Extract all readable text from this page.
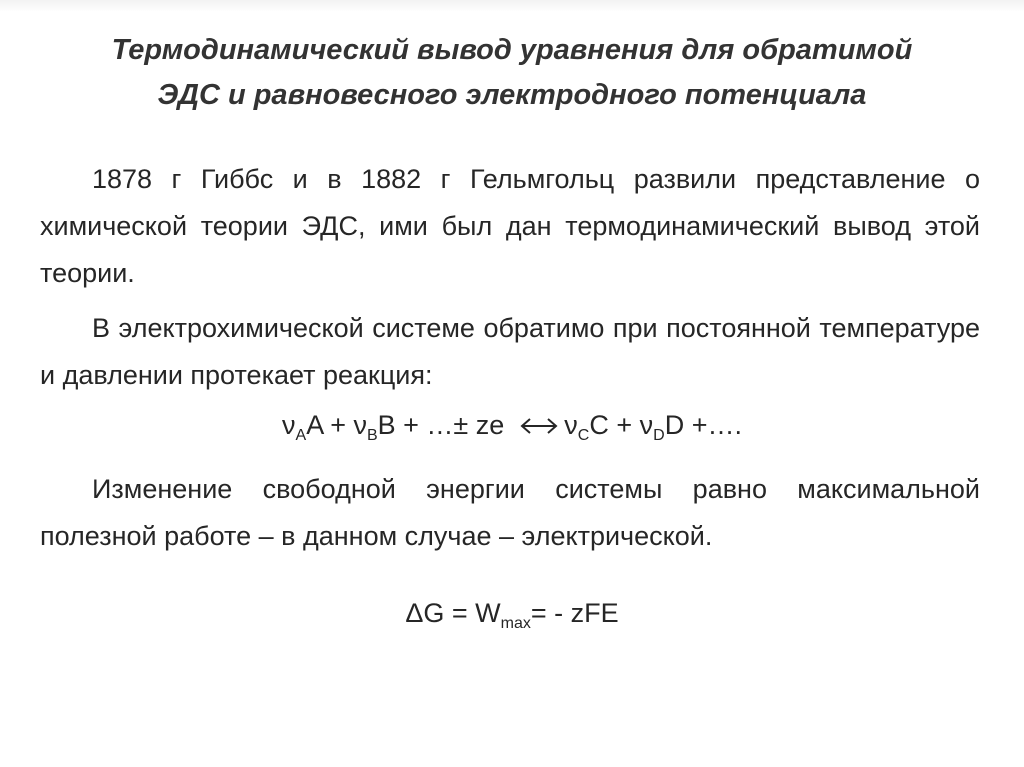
Термодинамический вывод уравнения для обратимой
ЭДС и равновесного электродного потенциала

1878 г Гиббс и в 1882 г Гельмгольц развили представление о химической теории ЭДС, ими был дан термодинамический вывод этой теории.

В электрохимической системе обратимо при постоянной температуре и давлении протекает реакция:

$\nu_AA + \nu_BB$ + …± ze $\nu_CC + \nu_DD$ +….

Изменение свободной энергии системы равно максимальной полезной работе – в данном случае – электрической.

$\Delta G = W_{max}=$ - zFE
